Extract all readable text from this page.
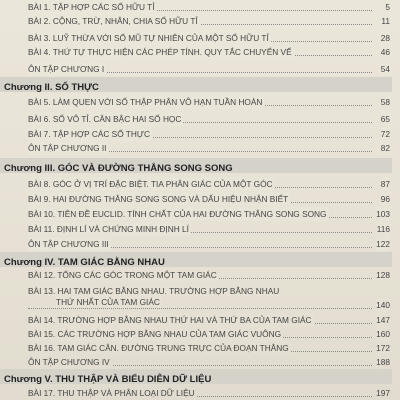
BÀI 1. TẬP HỢP CÁC SỐ HỮU TỈ	5
BÀI 2. CỘNG, TRỪ, NHÂN, CHIA SỐ HỮU TỈ	11
BÀI 3. LUỸ THỪA VỚI SỐ MŨ TỰ NHIÊN CỦA MỘT SỐ HỮU TỈ	28
BÀI 4. THỨ TỰ THỰC HIỆN CÁC PHÉP TÍNH. QUY TẮC CHUYỂN VẾ	46
ÔN TẬP CHƯƠNG I	54
Chương II. SỐ THỰC
BÀI 5. LÀM QUEN VỚI SỐ THẬP PHÂN VÔ HẠN TUẦN HOÀN	58
BÀI 6. SỐ VÔ TỈ. CĂN BẬC HAI SỐ HỌC	65
BÀI 7. TẬP HỢP CÁC SỐ THỰC	72
ÔN TẬP CHƯƠNG II	82
Chương III. GÓC VÀ ĐƯỜNG THẲNG SONG SONG
BÀI 8. GÓC Ở VỊ TRÍ ĐẶC BIỆT. TIA PHÂN GIÁC CỦA MỘT GÓC	87
BÀI 9. HAI ĐƯỜNG THẲNG SONG SONG VÀ DẤU HIỆU NHẬN BIẾT	96
BÀI 10. TIÊN ĐỀ EUCLID. TÍNH CHẤT CỦA HAI ĐƯỜNG THẲNG SONG SONG	103
BÀI 11. ĐỊNH LÍ VÀ CHỨNG MINH ĐỊNH LÍ	116
ÔN TẬP CHƯƠNG III	122
Chương IV. TAM GIÁC BẰNG NHAU
BÀI 12. TỔNG CÁC GÓC TRONG MỘT TAM GIÁC	128
BÀI 13. HAI TAM GIÁC BẰNG NHAU. TRƯỜNG HỢP BẰNG NHAU
THỨ NHẤT CỦA TAM GIÁC	140
BÀI 14. TRƯỜNG HỢP BẰNG NHAU THỨ HAI VÀ THỨ BA CỦA TAM GIÁC	147
BÀI 15. CÁC TRƯỜNG HỢP BẰNG NHAU CỦA TAM GIÁC VUÔNG	160
BÀI 16. TAM GIÁC CÂN. ĐƯỜNG TRUNG TRỰC CỦA ĐOẠN THẲNG	172
ÔN TẬP CHƯƠNG IV	188
Chương V. THU THẬP VÀ BIỂU DIỄN DỮ LIỆU
BÀI 17. THU THẬP VÀ PHÂN LOẠI DỮ LIỆU	197
